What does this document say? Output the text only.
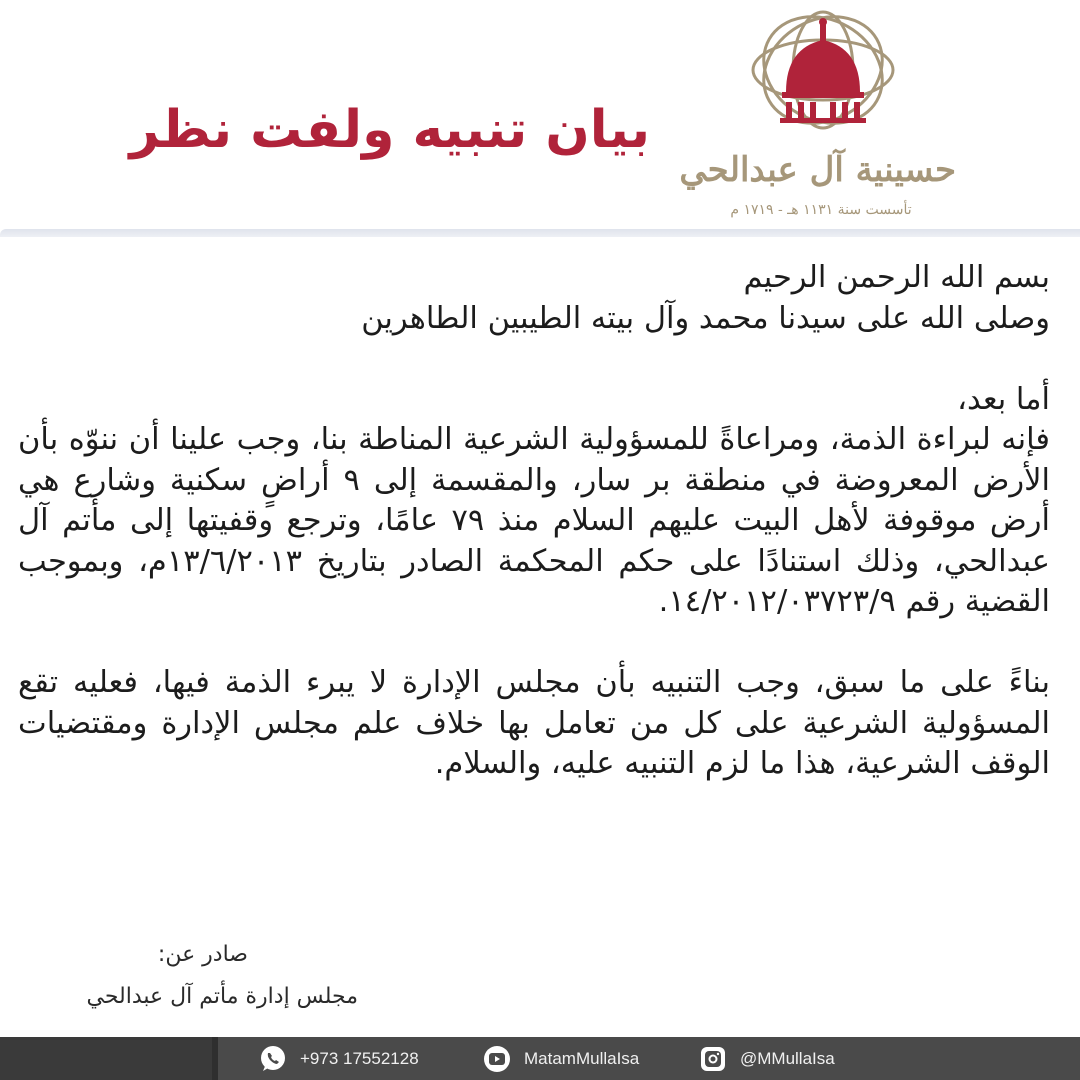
بيان تنبيه ولفت نظر
حسينية آل عبدالحي
تأسست سنة ١١٣١ هـ - ١٧١٩ م

بسم الله الرحمن الرحيم

وصلى الله على سيدنا محمد وآل بيته الطيبين الطاهرين

أما بعد،

فإنه لبراءة الذمة، ومراعاةً للمسؤولية الشرعية المناطة بنا، وجب علينا أن ننوّه بأن الأرض المعروضة في منطقة بر سار، والمقسمة إلى ٩ أراضٍ سكنية وشارع هي أرض موقوفة لأهل البيت عليهم السلام منذ ٧٩ عامًا، وترجع وقفيتها إلى مأتم آل عبدالحي، وذلك استنادًا على حكم المحكمة الصادر بتاريخ ١٣/٦/٢٠١٣م، وبموجب القضية رقم ١٤/٢٠١٢/٠٣٧٢٣/٩.

بناءً على ما سبق، وجب التنبيه بأن مجلس الإدارة لا يبرء الذمة فيها، فعليه تقع المسؤولية الشرعية على كل من تعامل بها خلاف علم مجلس الإدارة ومقتضيات الوقف الشرعية، هذا ما لزم التنبيه عليه، والسلام.

صادر عن:
مجلس إدارة مأتم آل عبدالحي
+973 17552128	MatamMullaIsa	@MMullaIsa
